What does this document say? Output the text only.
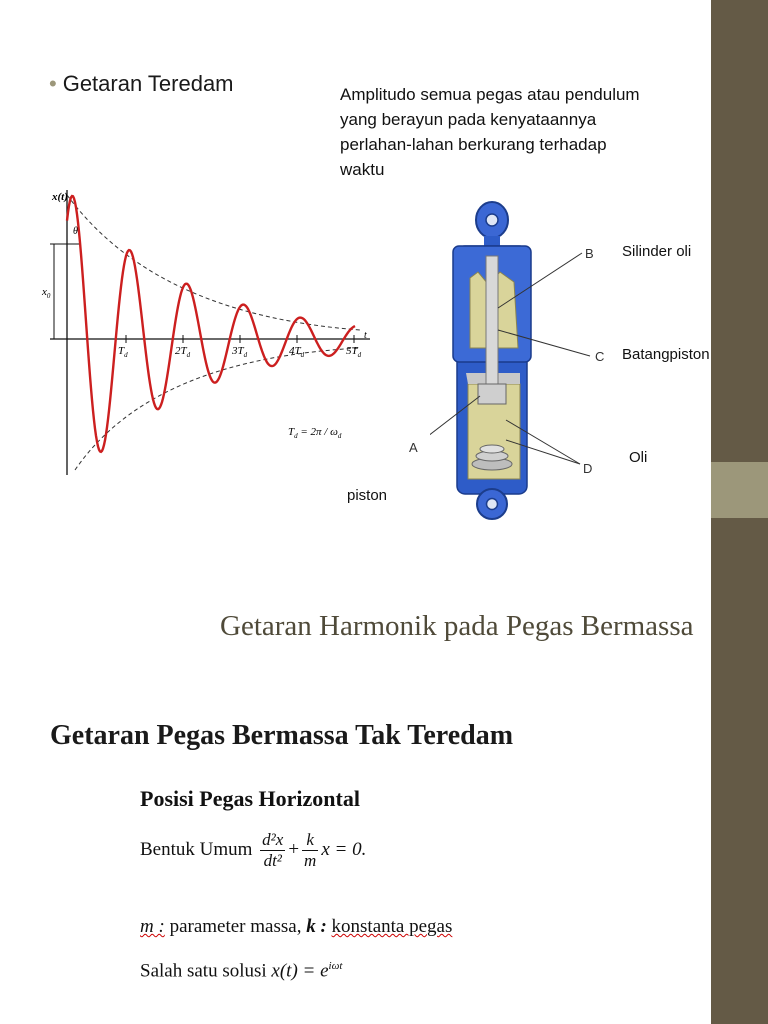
• Getaran Teredam	Amplitudo semua pegas atau pendulum yang berayun pada kenyataannya perlahan-lahan berkurang terhadap waktu
x(t)
θ
$x_0$
t
$T_d$	$2T_d$	$3T_d$	$4T_d$	$5T_d$
$T_d = 2\pi / \omega_d$
B
C
A
D
Silinder oli
Batangpiston
Oli
piston
Getaran Harmonik pada Pegas Bermassa
Getaran Pegas Bermassa Tak Teredam
Posisi Pegas Horizontal
Bentuk Umum $\frac{\text{d²x}}{\text{dt²}} + \frac{k}{m}$ x = 0.
m : parameter massa, k : konstanta pegas
Salah satu solusi $x(t) = e^{i\omega t}$
